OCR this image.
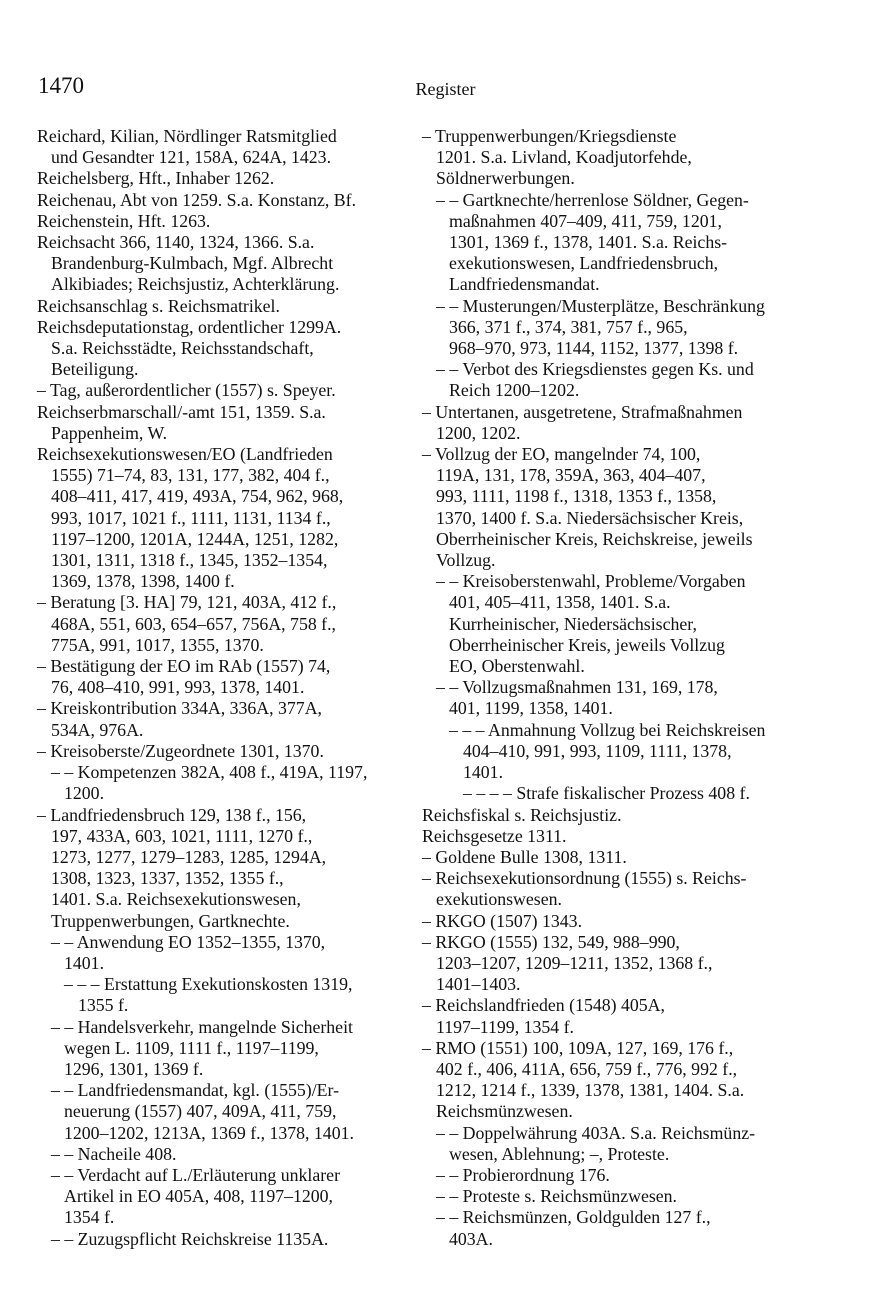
1470	Register
Reichard, Kilian, Nördlinger Ratsmitglied
und Gesandter 121, 158A, 624A, 1423.
Reichelsberg, Hft., Inhaber 1262.
Reichenau, Abt von 1259. S.a. Konstanz, Bf.
Reichenstein, Hft. 1263.
Reichsacht 366, 1140, 1324, 1366. S.a.
Brandenburg-Kulmbach, Mgf. Albrecht
Alkibiades; Reichsjustiz, Achterklärung.
Reichsanschlag s. Reichsmatrikel.
Reichsdeputationstag, ordentlicher 1299A.
S.a. Reichsstädte, Reichsstandschaft,
Beteiligung.
– Tag, außerordentlicher (1557) s. Speyer.
Reichserbmarschall/-amt 151, 1359. S.a.
Pappenheim, W.
Reichsexekutionswesen/EO (Landfrieden
1555) 71–74, 83, 131, 177, 382, 404 f.,
408–411, 417, 419, 493A, 754, 962, 968,
993, 1017, 1021 f., 1111, 1131, 1134 f.,
1197–1200, 1201A, 1244A, 1251, 1282,
1301, 1311, 1318 f., 1345, 1352–1354,
1369, 1378, 1398, 1400 f.
– Beratung [3. HA] 79, 121, 403A, 412 f.,
468A, 551, 603, 654–657, 756A, 758 f.,
775A, 991, 1017, 1355, 1370.
– Bestätigung der EO im RAb (1557) 74,
76, 408–410, 991, 993, 1378, 1401.
– Kreiskontribution 334A, 336A, 377A,
534A, 976A.
– Kreisoberste/Zugeordnete 1301, 1370.
– – Kompetenzen 382A, 408 f., 419A, 1197,
1200.
– Landfriedensbruch 129, 138 f., 156,
197, 433A, 603, 1021, 1111, 1270 f.,
1273, 1277, 1279–1283, 1285, 1294A,
1308, 1323, 1337, 1352, 1355 f.,
1401. S.a. Reichsexekutionswesen,
Truppenwerbungen, Gartknechte.
– – Anwendung EO 1352–1355, 1370,
1401.
– – – Erstattung Exekutionskosten 1319,
1355 f.
– – Handelsverkehr, mangelnde Sicherheit
wegen L. 1109, 1111 f., 1197–1199,
1296, 1301, 1369 f.
– – Landfriedensmandat, kgl. (1555)/Er-
neuerung (1557) 407, 409A, 411, 759,
1200–1202, 1213A, 1369 f., 1378, 1401.
– – Nacheile 408.
– – Verdacht auf L./Erläuterung unklarer
Artikel in EO 405A, 408, 1197–1200,
1354 f.
– – Zuzugspflicht Reichskreise 1135A.
– Truppenwerbungen/Kriegsdienste
1201. S.a. Livland, Koadjutorfehde,
Söldnerwerbungen.
– – Gartknechte/herrenlose Söldner, Gegen-
maßnahmen 407–409, 411, 759, 1201,
1301, 1369 f., 1378, 1401. S.a. Reichs-
exekutionswesen, Landfriedensbruch,
Landfriedensmandat.
– – Musterungen/Musterplätze, Beschränkung
366, 371 f., 374, 381, 757 f., 965,
968–970, 973, 1144, 1152, 1377, 1398 f.
– – Verbot des Kriegsdienstes gegen Ks. und
Reich 1200–1202.
– Untertanen, ausgetretene, Strafmaßnahmen
1200, 1202.
– Vollzug der EO, mangelnder 74, 100,
119A, 131, 178, 359A, 363, 404–407,
993, 1111, 1198 f., 1318, 1353 f., 1358,
1370, 1400 f. S.a. Niedersächsischer Kreis,
Oberrheinischer Kreis, Reichskreise, jeweils
Vollzug.
– – Kreisoberstenwahl, Probleme/Vorgaben
401, 405–411, 1358, 1401. S.a.
Kurrheinischer, Niedersächsischer,
Oberrheinischer Kreis, jeweils Vollzug
EO, Oberstenwahl.
– – Vollzugsmaßnahmen 131, 169, 178,
401, 1199, 1358, 1401.
– – – Anmahnung Vollzug bei Reichskreisen
404–410, 991, 993, 1109, 1111, 1378,
1401.
– – – – Strafe fiskalischer Prozess 408 f.
Reichsfiskal s. Reichsjustiz.
Reichsgesetze 1311.
– Goldene Bulle 1308, 1311.
– Reichsexekutionsordnung (1555) s. Reichs-
exekutionswesen.
– RKGO (1507) 1343.
– RKGO (1555) 132, 549, 988–990,
1203–1207, 1209–1211, 1352, 1368 f.,
1401–1403.
– Reichslandfrieden (1548) 405A,
1197–1199, 1354 f.
– RMO (1551) 100, 109A, 127, 169, 176 f.,
402 f., 406, 411A, 656, 759 f., 776, 992 f.,
1212, 1214 f., 1339, 1378, 1381, 1404. S.a.
Reichsmünzwesen.
– – Doppelwährung 403A. S.a. Reichsmünz-
wesen, Ablehnung; –, Proteste.
– – Probierordnung 176.
– – Proteste s. Reichsmünzwesen.
– – Reichsmünzen, Goldgulden 127 f.,
403A.
